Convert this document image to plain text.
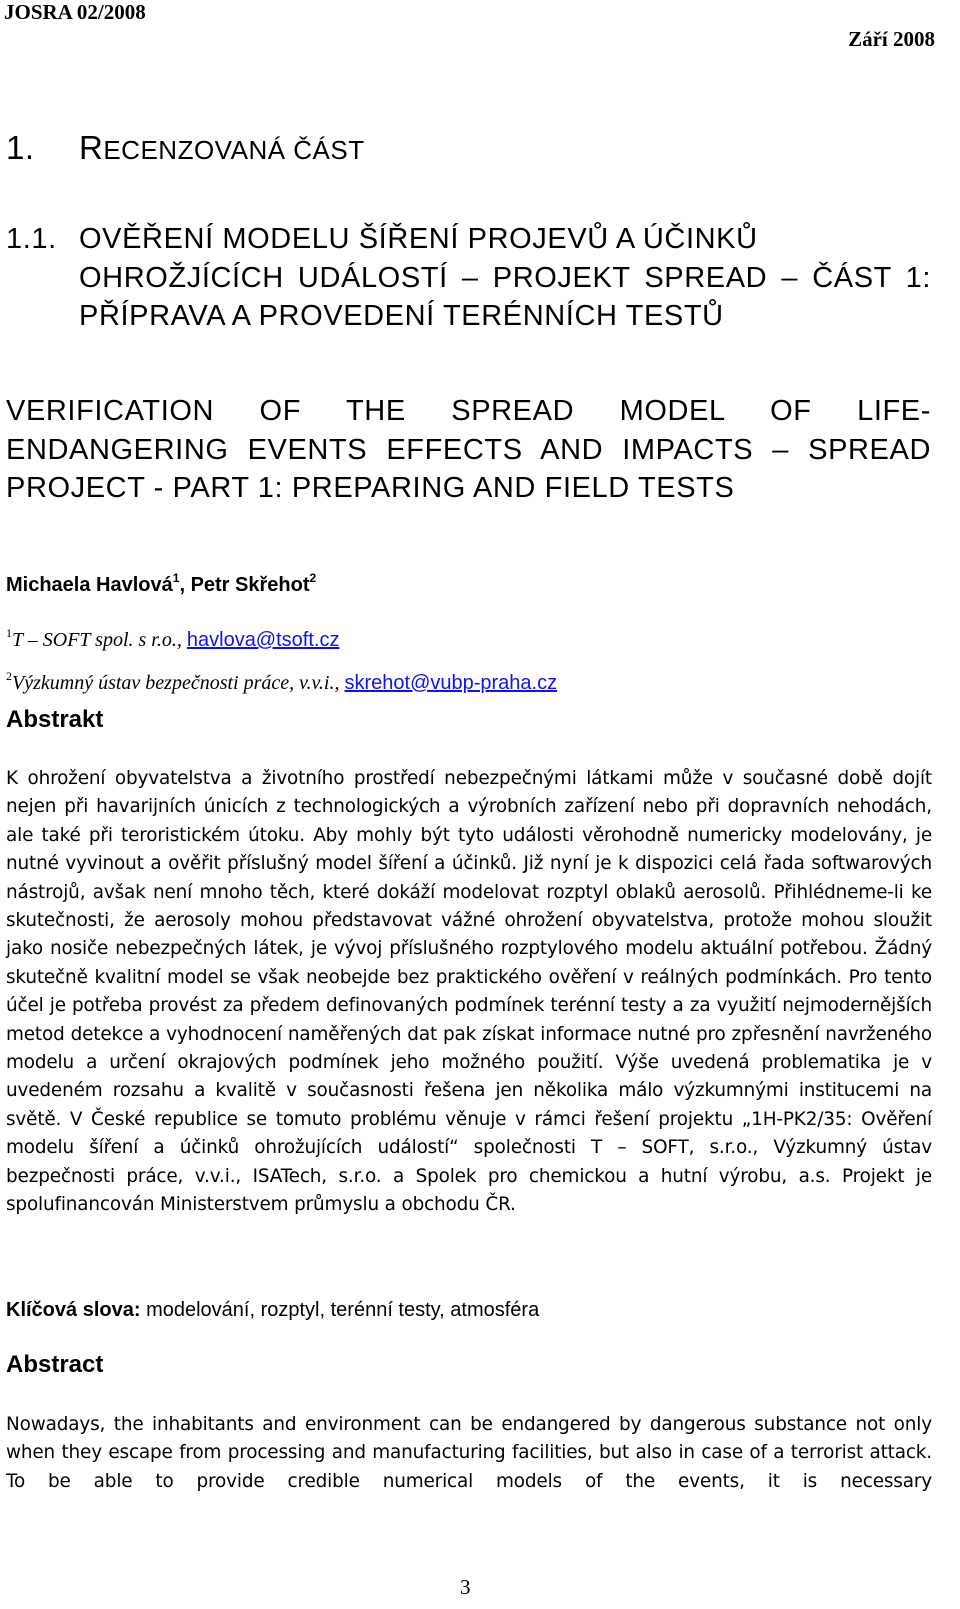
JOSRA 02/2008
Září 2008
1. RECENZOVANÁ ČÁST
1.1. OVĚŘENÍ MODELU ŠÍŘENÍ PROJEVŮ A ÚČINKŮ
OHROŽJÍCÍCH UDÁLOSTÍ – PROJEKT SPREAD – ČÁST 1: PŘÍPRAVA A PROVEDENÍ TERÉNNÍCH TESTŮ
VERIFICATION OF THE SPREAD MODEL OF LIFE-ENDANGERING EVENTS EFFECTS AND IMPACTS – SPREAD PROJECT - PART 1: PREPARING AND FIELD TESTS
Michaela Havlová$^1$, Petr Skřehot$^2$
$^1$T – SOFT spol. s r.o., havlova@tsoft.cz
$^2$Výzkumný ústav bezpečnosti práce, v.v.i., skrehot@vubp-praha.cz
Abstrakt
K ohrožení obyvatelstva a životního prostředí nebezpečnými látkami může v současné době dojít nejen při havarijních únicích z technologických a výrobních zařízení nebo při dopravních nehodách, ale také při teroristickém útoku. Aby mohly být tyto události věrohodně numericky modelovány, je nutné vyvinout a ověřit příslušný model šíření a účinků. Již nyní je k dispozici celá řada softwarových nástrojů, avšak není mnoho těch, které dokáží modelovat rozptyl oblaků aerosolů. Přihlédneme-li ke skutečnosti, že aerosoly mohou představovat vážné ohrožení obyvatelstva, protože mohou sloužit jako nosiče nebezpečných látek, je vývoj příslušného rozptylového modelu aktuální potřebou. Žádný skutečně kvalitní model se však neobejde bez praktického ověření v reálných podmínkách. Pro tento účel je potřeba provést za předem definovaných podmínek terénní testy a za využití nejmodernějších metod detekce a vyhodnocení naměřených dat pak získat informace nutné pro zpřesnění navrženého modelu a určení okrajových podmínek jeho možného použití. Výše uvedená problematika je v uvedeném rozsahu a kvalitě v současnosti řešena jen několika málo výzkumnými institucemi na světě. V České republice se tomuto problému věnuje v rámci řešení projektu „1H-PK2/35: Ověření modelu šíření a účinků ohrožujících událostí“ společnosti T – SOFT, s.r.o., Výzkumný ústav bezpečnosti práce, v.v.i., ISATech, s.r.o. a Spolek pro chemickou a hutní výrobu, a.s. Projekt je spolufinancován Ministerstvem průmyslu a obchodu ČR.
Klíčová slova: modelování, rozptyl, terénní testy, atmosféra
Abstract
Nowadays, the inhabitants and environment can be endangered by dangerous substance not only when they escape from processing and manufacturing facilities, but also in case of a terrorist attack. To be able to provide credible numerical models of the events, it is necessary
3
